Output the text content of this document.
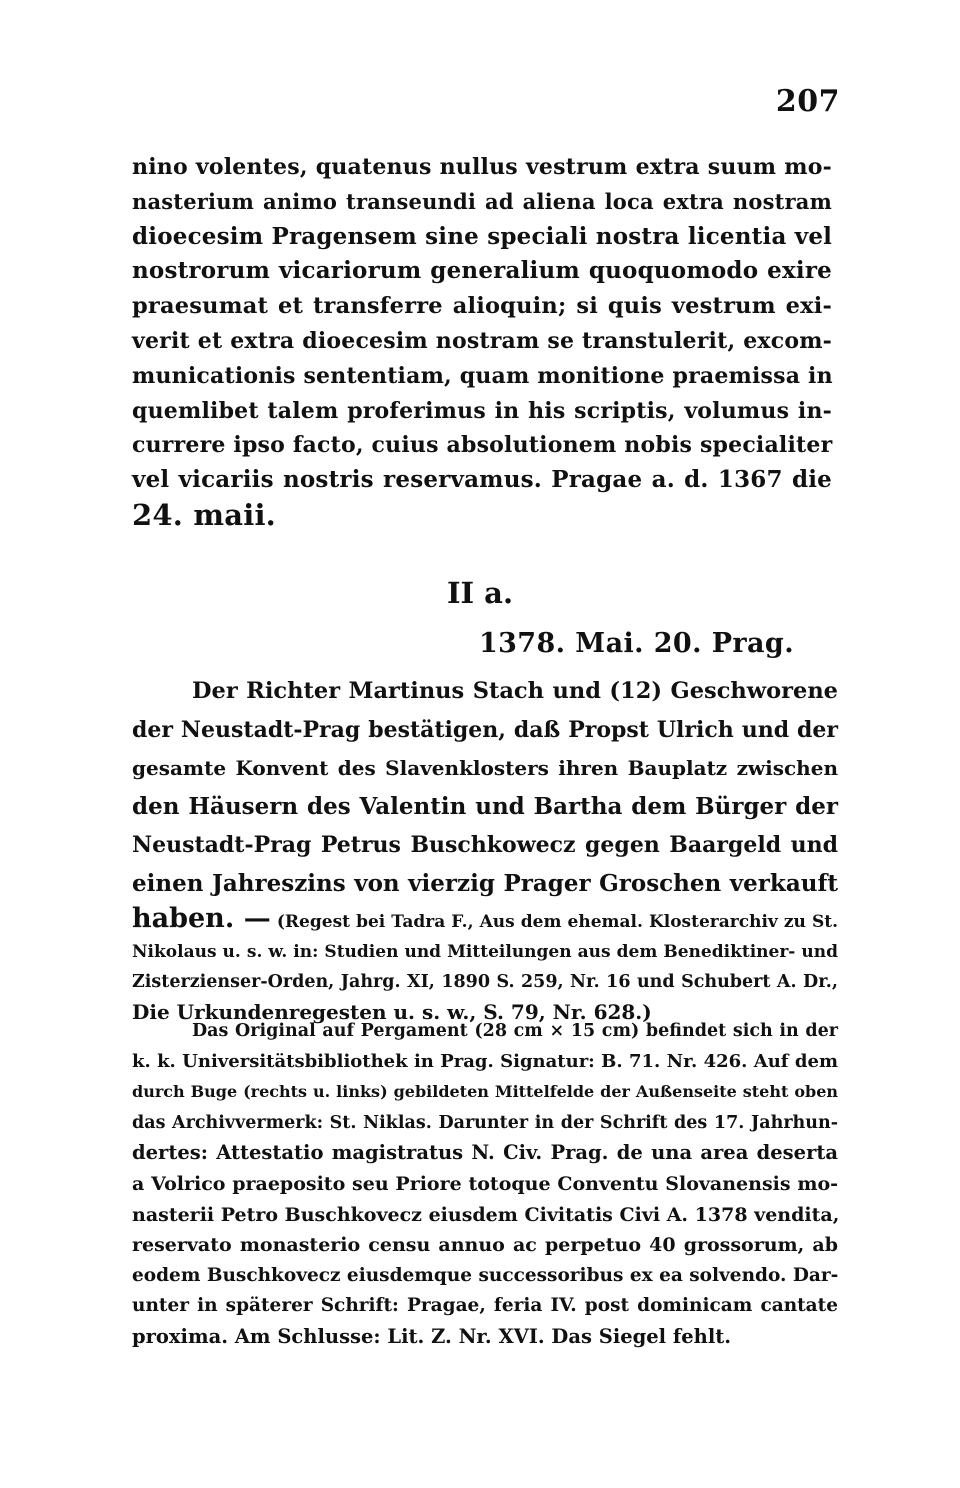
207
nino volentes, quatenus nullus vestrum extra suum mo-
nasterium animo transeundi ad aliena loca extra nostram
dioecesim Pragensem sine speciali nostra licentia vel
nostrorum vicariorum generalium quoquomodo exire
praesumat et transferre alioquin; si quis vestrum exi-
verit et extra dioecesim nostram se transtulerit, excom-
municationis sententiam, quam monitione praemissa in
quemlibet talem proferimus in his scriptis, volumus in-
currere ipso facto, cuius absolutionem nobis specialiter
vel vicariis nostris reservamus. Pragae a. d. 1367 die
24. maii.
II a.
1378. Mai. 20. Prag.
Der Richter Martinus Stach und (12) Geschworene
der Neustadt-Prag bestätigen, daß Propst Ulrich und der
gesamte Konvent des Slavenklosters ihren Bauplatz zwischen
den Häusern des Valentin und Bartha dem Bürger der
Neustadt-Prag Petrus Buschkowecz gegen Baargeld und
einen Jahreszins von vierzig Prager Groschen verkauft
haben. — (Regest bei Tadra F., Aus dem ehemal. Klosterarchiv zu St.
Nikolaus u. s. w. in: Studien und Mitteilungen aus dem Benediktiner- und
Zisterzienser-Orden, Jahrg. XI, 1890 S. 259, Nr. 16 und Schubert A. Dr.,
Die Urkundenregesten u. s. w., S. 79, Nr. 628.)
Das Original auf Pergament (28 cm × 15 cm) befindet sich in der
k. k. Universitätsbibliothek in Prag. Signatur: B. 71. Nr. 426. Auf dem
durch Buge (rechts u. links) gebildeten Mittelfelde der Außenseite steht oben
das Archivvermerk: St. Niklas. Darunter in der Schrift des 17. Jahrhun-
dertes: Attestatio magistratus N. Civ. Prag. de una area deserta
a Volrico praeposito seu Priore totoque Conventu Slovanensis mo-
nasterii Petro Buschkovecz eiusdem Civitatis Civi A. 1378 vendita,
reservato monasterio censu annuo ac perpetuo 40 grossorum, ab
eodem Buschkovecz eiusdemque successoribus ex ea solvendo. Dar-
unter in späterer Schrift: Pragae, feria IV. post dominicam cantate
proxima. Am Schlusse: Lit. Z. Nr. XVI. Das Siegel fehlt.
